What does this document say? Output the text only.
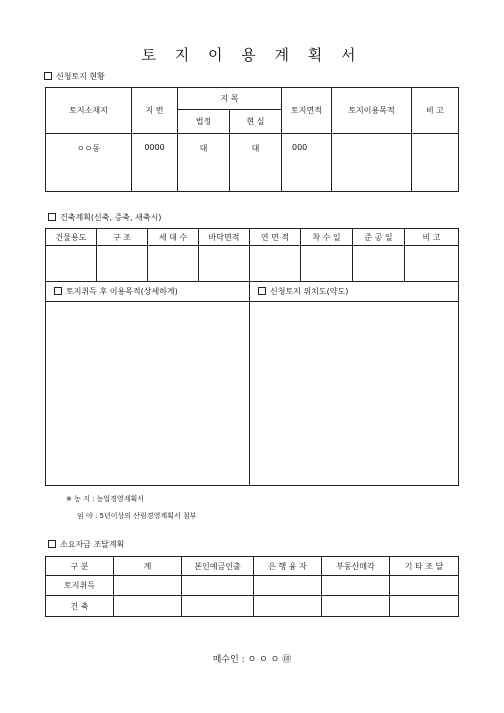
토 지 이 용 계 획 서
신청토지 현황
토지소재지	지 번	지 목		토지면적	토지이용목적	비 고
		법정	현 실			
ㅇㅇ동	0000	대	대	000		
건축계획(신축, 증축, 새축시)
건물용도	구 조	세 대 수	바닥면적	연 면 적	착 수 일	준 공 일	비 고

토지취득 후 이용목적(상세하게)				신청토지 위치도(약도)			

※ 농 지 : 농업경영계획서
임 야 : 5년이상의 산림경영계획서 첨부
소요자금 조달계획
구 분	계	본인예금인출	은 행 융 자	부동산매각	기 타 조 달
토지취득					
건 축					
매수인 : ㅇ ㅇ ㅇ ㊞
